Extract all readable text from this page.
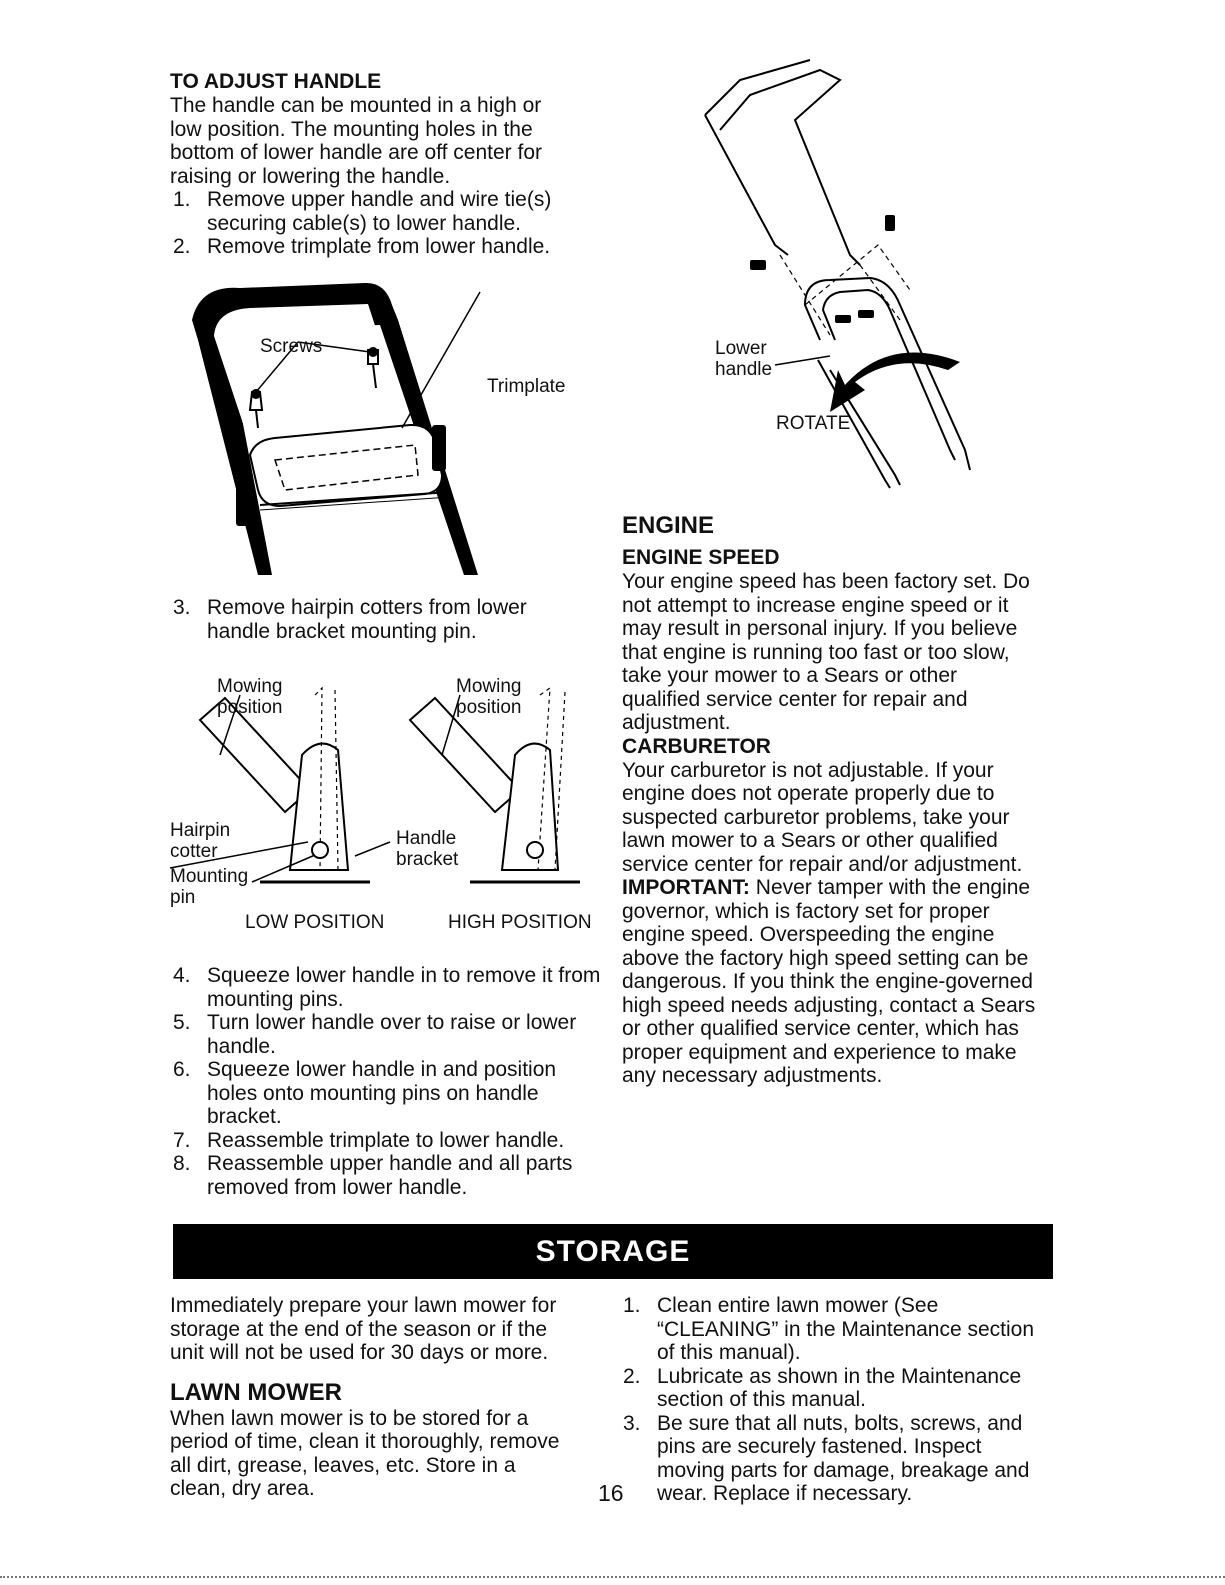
TO ADJUST HANDLE

The handle can be mounted in a high or low position. The mounting holes in the bottom of lower handle are off center for raising or lowering the handle.

1. Remove upper handle and wire tie(s) securing cable(s) to lower handle.
2. Remove trimplate from lower handle.
Screws
Trimplate
3. Remove hairpin cotters from lower handle bracket mounting pin.
Mowing position
Mowing position
Hairpin cotter
Mounting pin
Handle bracket
LOW POSITION	HIGH POSITION
4. Squeeze lower handle in to remove it from mounting pins.
5. Turn lower handle over to raise or lower handle.
6. Squeeze lower handle in and position holes onto mounting pins on handle bracket.
7. Reassemble trimplate to lower handle.
8. Reassemble upper handle and all parts removed from lower handle.
Lower handle
ROTATE
ENGINE
ENGINE SPEED

Your engine speed has been factory set. Do not attempt to increase engine speed or it may result in personal injury. If you believe that engine is running too fast or too slow, take your mower to a Sears or other qualified service center for repair and adjustment.

CARBURETOR

Your carburetor is not adjustable. If your engine does not operate properly due to suspected carburetor problems, take your lawn mower to a Sears or other qualified service center for repair and/or adjustment.

IMPORTANT: Never tamper with the engine governor, which is factory set for proper engine speed. Overspeeding the engine above the factory high speed setting can be dangerous. If you think the engine-governed high speed needs adjusting, contact a Sears or other qualified service center, which has proper equipment and experience to make any necessary adjustments.

STORAGE

Immediately prepare your lawn mower for storage at the end of the season or if the unit will not be used for 30 days or more.

LAWN MOWER

When lawn mower is to be stored for a period of time, clean it thoroughly, remove all dirt, grease, leaves, etc. Store in a clean, dry area.

1. Clean entire lawn mower (See “CLEANING” in the Maintenance section of this manual).
2. Lubricate as shown in the Maintenance section of this manual.
3. Be sure that all nuts, bolts, screws, and pins are securely fastened. Inspect moving parts for damage, breakage and wear. Replace if necessary.
16
